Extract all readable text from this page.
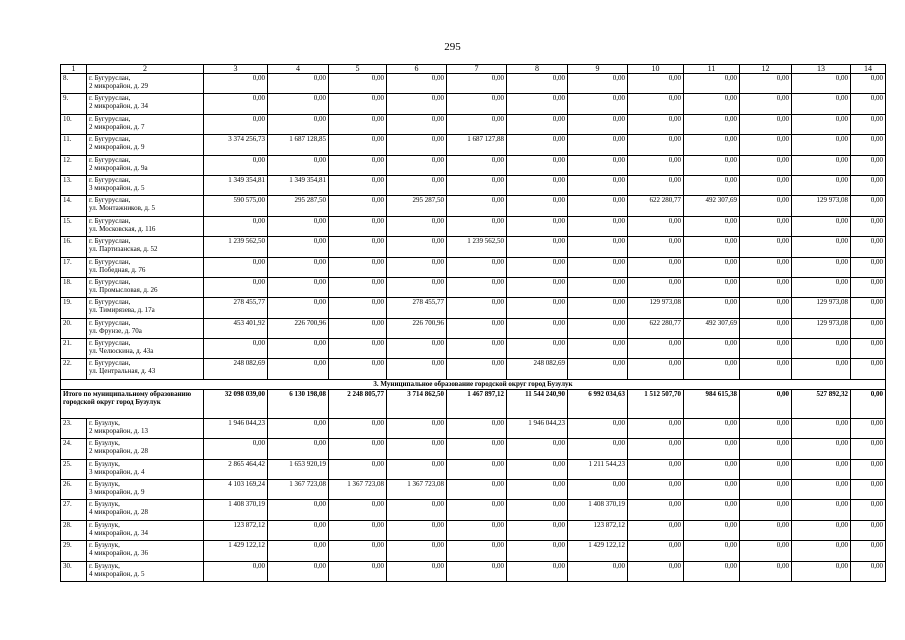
295
1	2	3	4	5	6	7	8	9	10	11	12	13	14
8.	г. Бугуруслан,
2 микрорайон, д. 29	0,00	0,00	0,00	0,00	0,00	0,00	0,00	0,00	0,00	0,00	0,00	0,00
9.	г. Бугуруслан,
2 микрорайон, д. 34	0,00	0,00	0,00	0,00	0,00	0,00	0,00	0,00	0,00	0,00	0,00	0,00
10.	г. Бугуруслан,
2 микрорайон, д. 7	0,00	0,00	0,00	0,00	0,00	0,00	0,00	0,00	0,00	0,00	0,00	0,00
11.	г. Бугуруслан,
2 микрорайон, д. 9	3 374 256,73	1 687 128,85	0,00	0,00	1 687 127,88	0,00	0,00	0,00	0,00	0,00	0,00	0,00
12.	г. Бугуруслан,
2 микрорайон, д. 9а	0,00	0,00	0,00	0,00	0,00	0,00	0,00	0,00	0,00	0,00	0,00	0,00
13.	г. Бугуруслан,
3 микрорайон, д. 5	1 349 354,81	1 349 354,81	0,00	0,00	0,00	0,00	0,00	0,00	0,00	0,00	0,00	0,00
14.	г. Бугуруслан,
ул. Монтажников, д. 5	590 575,00	295 287,50	0,00	295 287,50	0,00	0,00	0,00	622 280,77	492 307,69	0,00	129 973,08	0,00
15.	г. Бугуруслан,
ул. Московская, д. 116	0,00	0,00	0,00	0,00	0,00	0,00	0,00	0,00	0,00	0,00	0,00	0,00
16.	г. Бугуруслан,
ул. Партизанская, д. 52	1 239 562,50	0,00	0,00	0,00	1 239 562,50	0,00	0,00	0,00	0,00	0,00	0,00	0,00
17.	г. Бугуруслан,
ул. Победная, д. 76	0,00	0,00	0,00	0,00	0,00	0,00	0,00	0,00	0,00	0,00	0,00	0,00
18.	г. Бугуруслан,
ул. Промысловая, д. 26	0,00	0,00	0,00	0,00	0,00	0,00	0,00	0,00	0,00	0,00	0,00	0,00
19.	г. Бугуруслан,
ул. Тимирязева, д. 17а	278 455,77	0,00	0,00	278 455,77	0,00	0,00	0,00	129 973,08	0,00	0,00	129 973,08	0,00
20.	г. Бугуруслан,
ул. Фрунзе, д. 70а	453 401,92	226 700,96	0,00	226 700,96	0,00	0,00	0,00	622 280,77	492 307,69	0,00	129 973,08	0,00
21.	г. Бугуруслан,
ул. Челюскина, д. 43а	0,00	0,00	0,00	0,00	0,00	0,00	0,00	0,00	0,00	0,00	0,00	0,00
22.	г. Бугуруслан,
ул. Центральная, д. 43	248 082,69	0,00	0,00	0,00	0,00	248 082,69	0,00	0,00	0,00	0,00	0,00	0,00
3. Муниципальное образование городской округ город Бузулук													
Итого по муниципальному образованию городской округ город Бузулук		32 098 039,00	6 130 198,08	2 248 805,77	3 714 862,50	1 467 897,12	11 544 240,90	6 992 034,63	1 512 507,70	984 615,38	0,00	527 892,32	0,00
23.	г. Бузулук,
2 микрорайон, д. 13	1 946 044,23	0,00	0,00	0,00	0,00	1 946 044,23	0,00	0,00	0,00	0,00	0,00	0,00
24.	г. Бузулук,
2 микрорайон, д. 28	0,00	0,00	0,00	0,00	0,00	0,00	0,00	0,00	0,00	0,00	0,00	0,00
25.	г. Бузулук,
3 микрорайон, д. 4	2 865 464,42	1 653 920,19	0,00	0,00	0,00	0,00	1 211 544,23	0,00	0,00	0,00	0,00	0,00
26.	г. Бузулук,
3 микрорайон, д. 9	4 103 169,24	1 367 723,08	1 367 723,08	1 367 723,08	0,00	0,00	0,00	0,00	0,00	0,00	0,00	0,00
27.	г. Бузулук,
4 микрорайон, д. 28	1 408 370,19	0,00	0,00	0,00	0,00	0,00	1 408 370,19	0,00	0,00	0,00	0,00	0,00
28.	г. Бузулук,
4 микрорайон, д. 34	123 872,12	0,00	0,00	0,00	0,00	0,00	123 872,12	0,00	0,00	0,00	0,00	0,00
29.	г. Бузулук,
4 микрорайон, д. 36	1 429 122,12	0,00	0,00	0,00	0,00	0,00	1 429 122,12	0,00	0,00	0,00	0,00	0,00
30.	г. Бузулук,
4 микрорайон, д. 5	0,00	0,00	0,00	0,00	0,00	0,00	0,00	0,00	0,00	0,00	0,00	0,00
